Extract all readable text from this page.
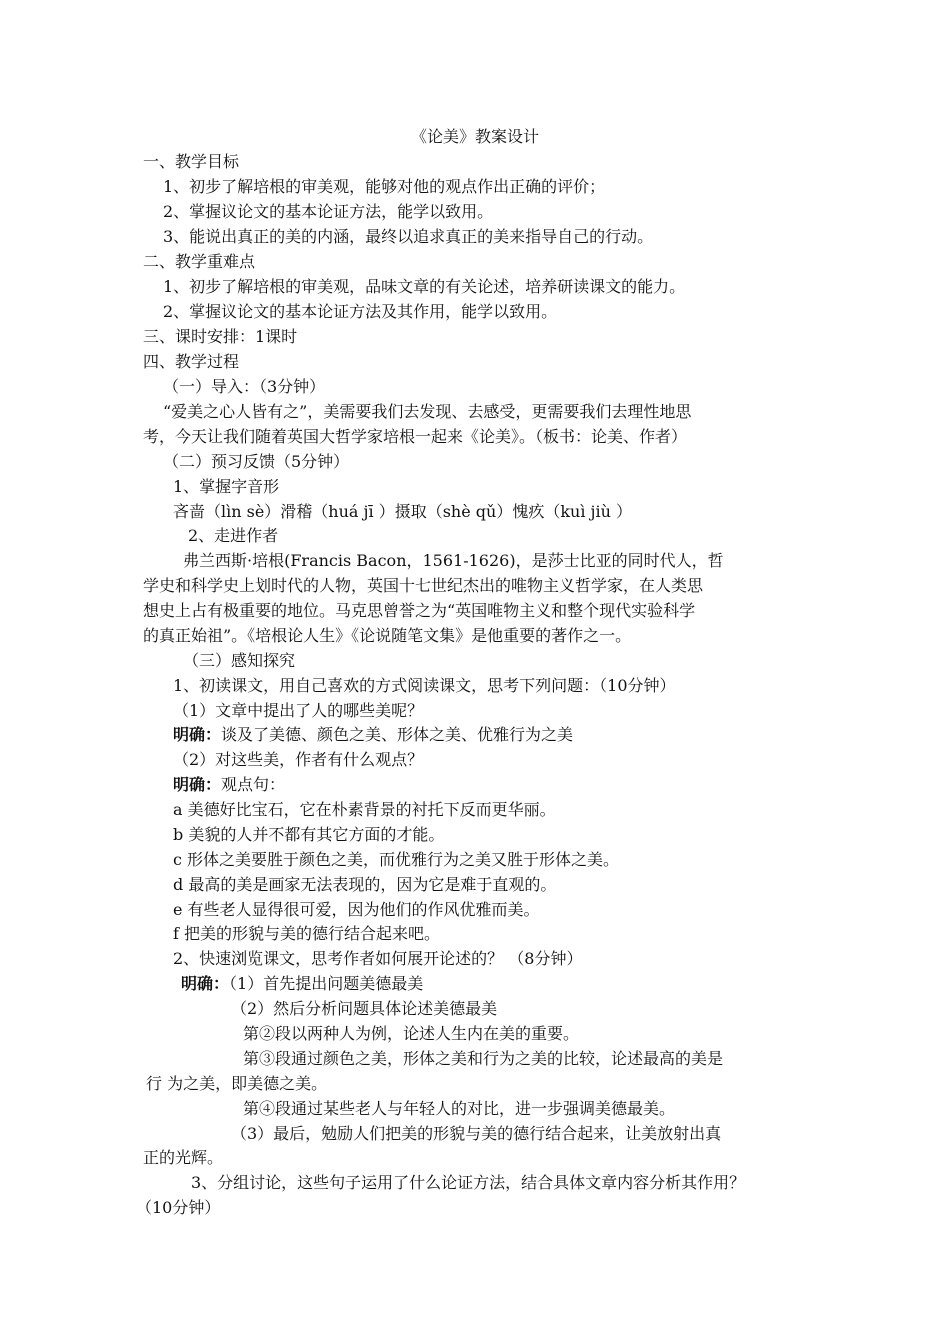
《论美》教案设计
一、教学目标
1、初步了解培根的审美观，能够对他的观点作出正确的评价；
2、掌握议论文的基本论证方法，能学以致用。
3、能说出真正的美的内涵，最终以追求真正的美来指导自己的行动。
二、教学重难点
1、初步了解培根的审美观，品味文章的有关论述，培养研读课文的能力。
2、掌握议论文的基本论证方法及其作用，能学以致用。
三、课时安排：1课时
四、教学过程
（一）导入：（3分钟）
“爱美之心人皆有之”，美需要我们去发现、去感受，更需要我们去理性地思
考，今天让我们随着英国大哲学家培根一起来《论美》。（板书：论美、作者）
（二）预习反馈（5分钟）
1、掌握字音形
吝啬（lìn sè）滑稽（huá jī ）摄取（shè qǔ）愧疚（kuì jiù ）
2、走进作者
弗兰西斯·培根(Francis Bacon，1561-1626)，是莎士比亚的同时代人，哲
学史和科学史上划时代的人物，英国十七世纪杰出的唯物主义哲学家，在人类思
想史上占有极重要的地位。马克思曾誉之为“英国唯物主义和整个现代实验科学
的真正始祖”。《培根论人生》《论说随笔文集》是他重要的著作之一。
（三）感知探究
1、初读课文，用自己喜欢的方式阅读课文，思考下列问题：（10分钟）
（1）文章中提出了人的哪些美呢？
明确：谈及了美德、颜色之美、形体之美、优雅行为之美
（2）对这些美，作者有什么观点？
明确：观点句：
a 美德好比宝石，它在朴素背景的衬托下反而更华丽。
b 美貌的人并不都有其它方面的才能。
c 形体之美要胜于颜色之美，而优雅行为之美又胜于形体之美。
d 最高的美是画家无法表现的，因为它是难于直观的。
e 有些老人显得很可爱，因为他们的作风优雅而美。
f 把美的形貌与美的德行结合起来吧。
2、快速浏览课文，思考作者如何展开论述的？ （8分钟）
明确：（1）首先提出问题美德最美
（2）然后分析问题具体论述美德最美
第②段以两种人为例，论述人生内在美的重要。
第③段通过颜色之美，形体之美和行为之美的比较，论述最高的美是
行 为之美，即美德之美。
第④段通过某些老人与年轻人的对比，进一步强调美德最美。
（3）最后，勉励人们把美的形貌与美的德行结合起来，让美放射出真
正的光辉。
3、分组讨论，这些句子运用了什么论证方法，结合具体文章内容分析其作用？
（10分钟）
